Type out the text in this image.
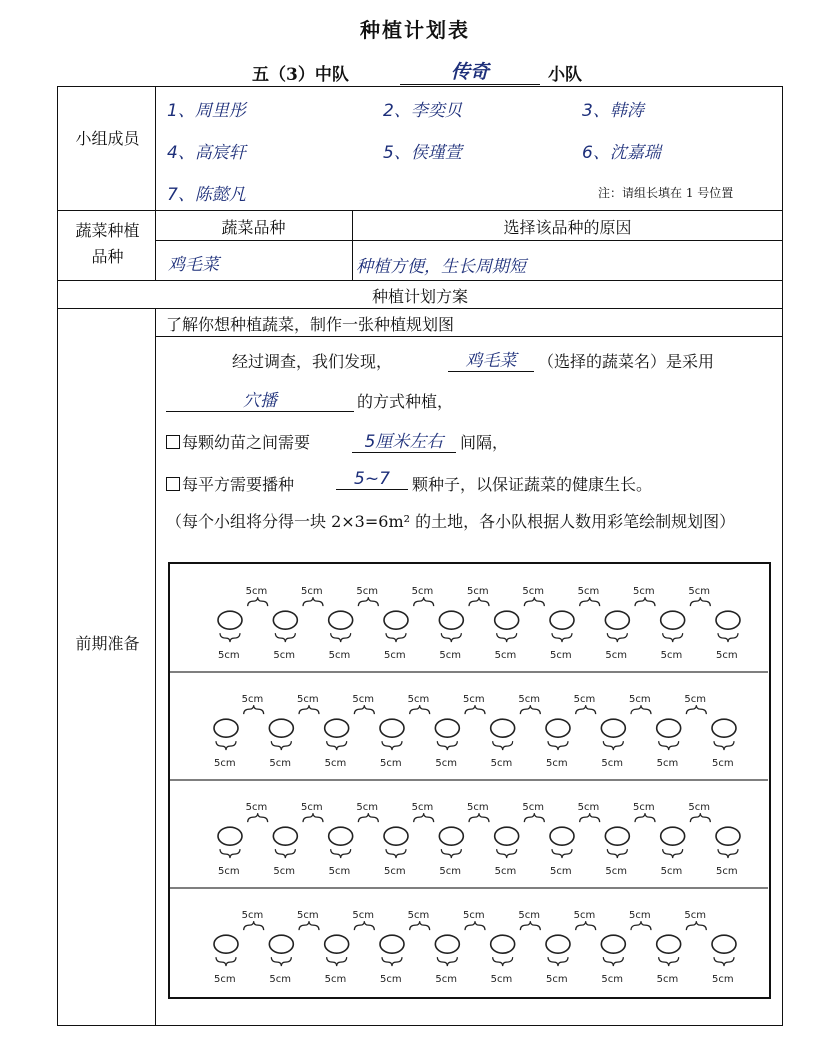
种植计划表
五（3）中队	传奇	小队
小组成员
1、周里彤	2、李奕贝	3、韩涛
4、高宸轩	5、侯瑾萱	6、沈嘉瑞
7、陈懿凡	注：请组长填在 1 号位置
蔬菜种植品种
蔬菜品种	选择该品种的原因
鸡毛菜	种植方便，生长周期短
种植计划方案
前期准备
了解你想种植蔬菜，制作一张种植规划图
经过调查，我们发现，	鸡毛菜	（选择的蔬菜名）是采用
穴播	的方式种植，
每颗幼苗之间需要	5厘米左右	间隔，
每平方需要播种	5~7	颗种子，以保证蔬菜的健康生长。
（每个小组将分得一块 2×3=6m² 的土地，各小队根据人数用彩笔绘制规划图）
5cm
5cm
5cm
5cm
5cm
5cm
5cm
5cm
5cm
5cm
5cm
5cm
5cm
5cm
5cm
5cm
5cm
5cm
5cm
5cm
5cm
5cm
5cm
5cm
5cm
5cm
5cm
5cm
5cm
5cm
5cm
5cm
5cm
5cm
5cm
5cm
5cm
5cm
5cm
5cm
5cm
5cm
5cm
5cm
5cm
5cm
5cm
5cm
5cm
5cm
5cm
5cm
5cm
5cm
5cm
5cm
5cm
5cm
5cm
5cm
5cm
5cm
5cm
5cm
5cm
5cm
5cm
5cm
5cm
5cm
5cm
5cm
5cm
5cm
5cm
5cm
